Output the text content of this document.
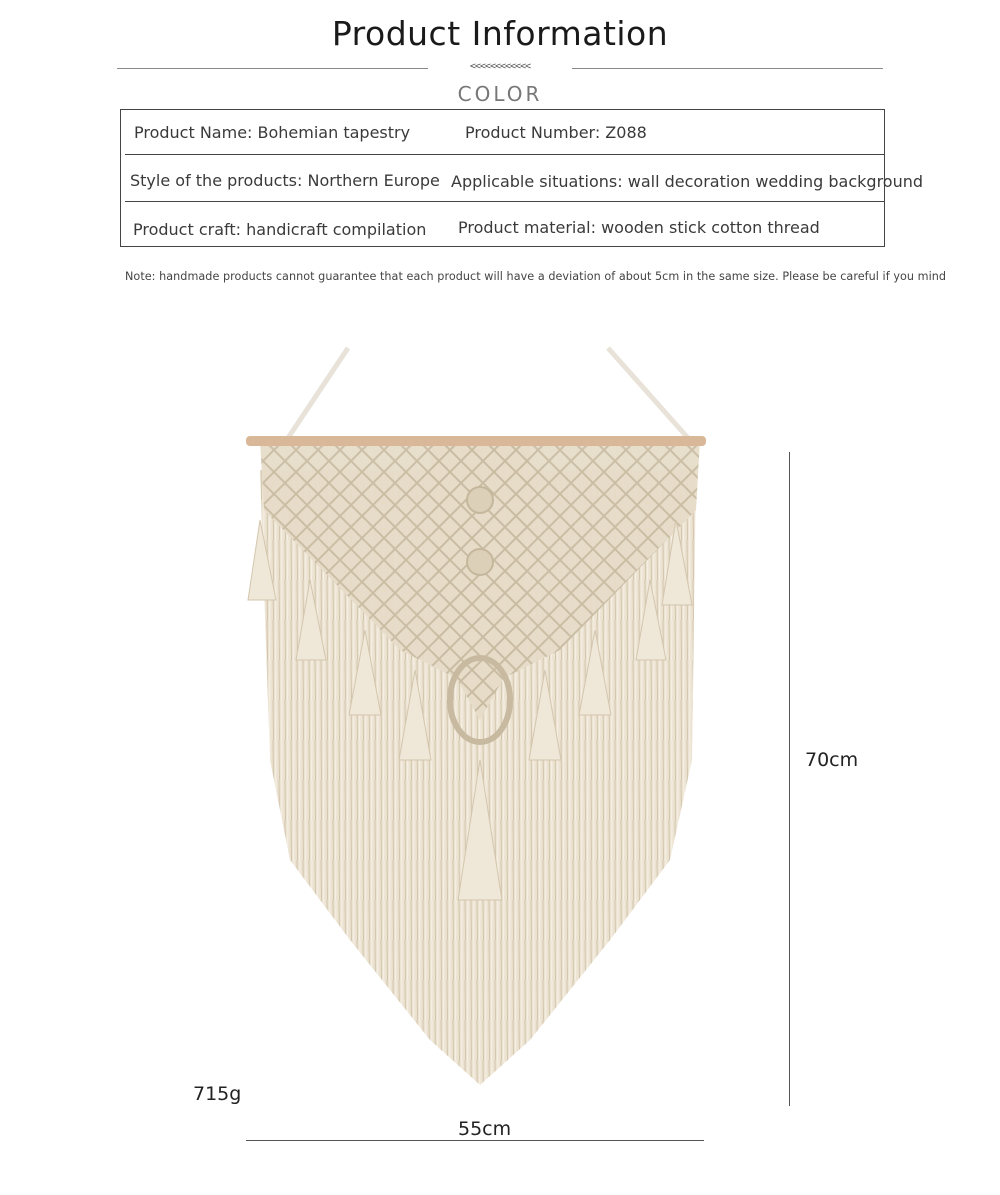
Product Information
<<<<<<<<<<<<
COLOR
Product Name: Bohemian tapestry	Product Number: Z088
Style of the products: Northern Europe Applicable situations: wall decoration wedding background
Product craft: handicraft compilation Product material: wooden stick cotton thread
Note: handmade products cannot guarantee that each product will have a deviation of about 5cm in the same size. Please be careful if you mind
70cm
55cm
715g
